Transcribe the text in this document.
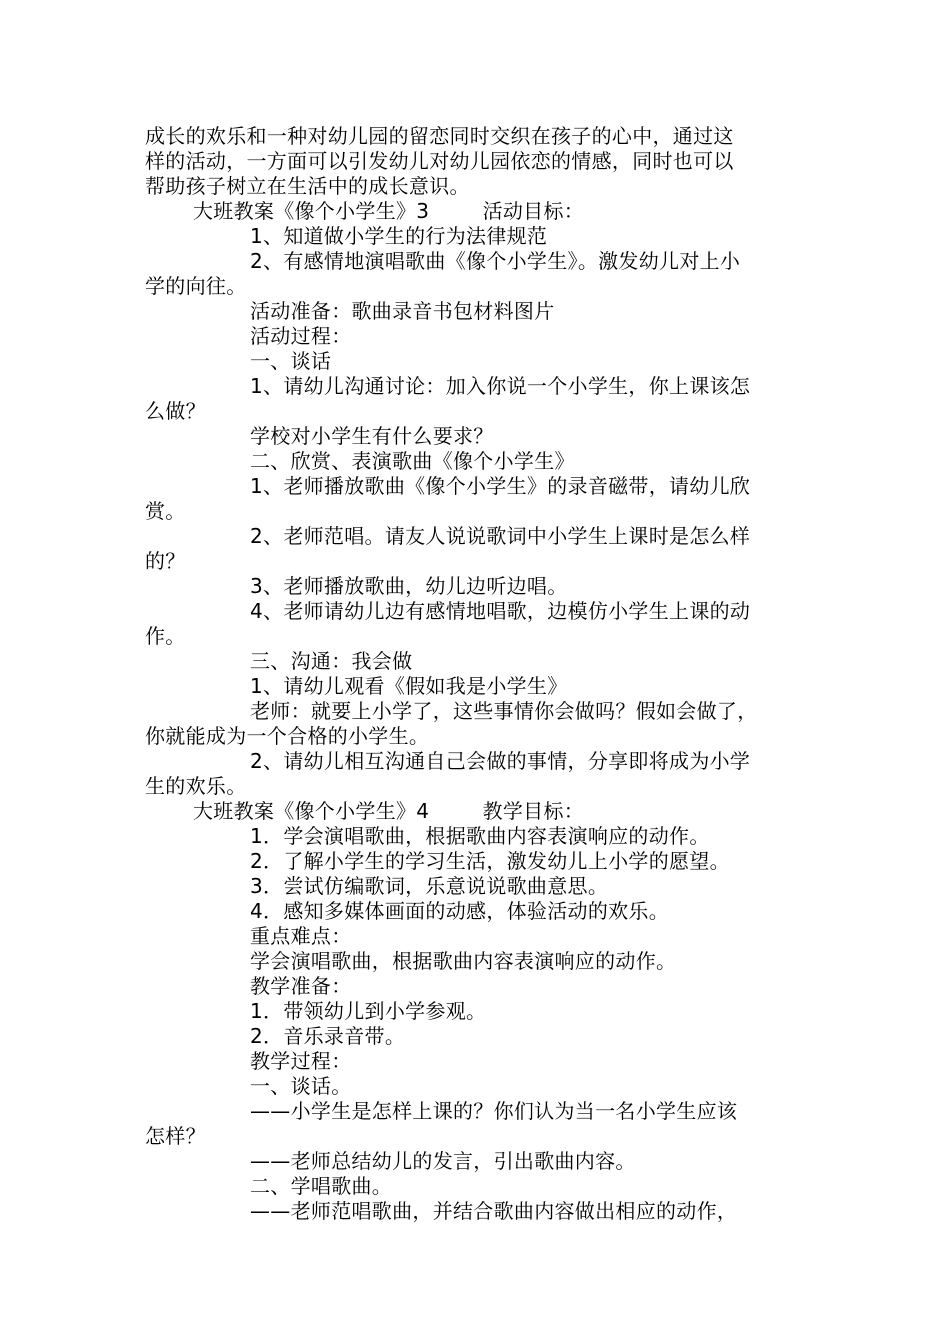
成长的欢乐和一种对幼儿园的留恋同时交织在孩子的心中，通过这
样的活动，一方面可以引发幼儿对幼儿园依恋的情感，同时也可以
帮助孩子树立在生活中的成长意识。
大班教案《像个小学生》3        活动目标：
1、知道做小学生的行为法律规范
2、有感情地演唱歌曲《像个小学生》。激发幼儿对上小
学的向往。
活动准备：歌曲录音书包材料图片
活动过程：
一、谈话
1、请幼儿沟通讨论：加入你说一个小学生，你上课该怎
么做？
学校对小学生有什么要求？
二、欣赏、表演歌曲《像个小学生》
1、老师播放歌曲《像个小学生》的录音磁带，请幼儿欣
赏。
2、老师范唱。请友人说说歌词中小学生上课时是怎么样
的？
3、老师播放歌曲，幼儿边听边唱。
4、老师请幼儿边有感情地唱歌，边模仿小学生上课的动
作。
三、沟通：我会做
1、请幼儿观看《假如我是小学生》
老师：就要上小学了，这些事情你会做吗？假如会做了，
你就能成为一个合格的小学生。
2、请幼儿相互沟通自己会做的事情，分享即将成为小学
生的欢乐。
大班教案《像个小学生》4        教学目标：
1．学会演唱歌曲，根据歌曲内容表演响应的动作。
2．了解小学生的学习生活，激发幼儿上小学的愿望。
3．尝试仿编歌词，乐意说说歌曲意思。
4．感知多媒体画面的动感，体验活动的欢乐。
重点难点：
学会演唱歌曲，根据歌曲内容表演响应的动作。
教学准备：
1．带领幼儿到小学参观。
2．音乐录音带。
教学过程：
一、谈话。
——小学生是怎样上课的？你们认为当一名小学生应该
怎样？
——老师总结幼儿的发言，引出歌曲内容。
二、学唱歌曲。
——老师范唱歌曲，并结合歌曲内容做出相应的动作，
